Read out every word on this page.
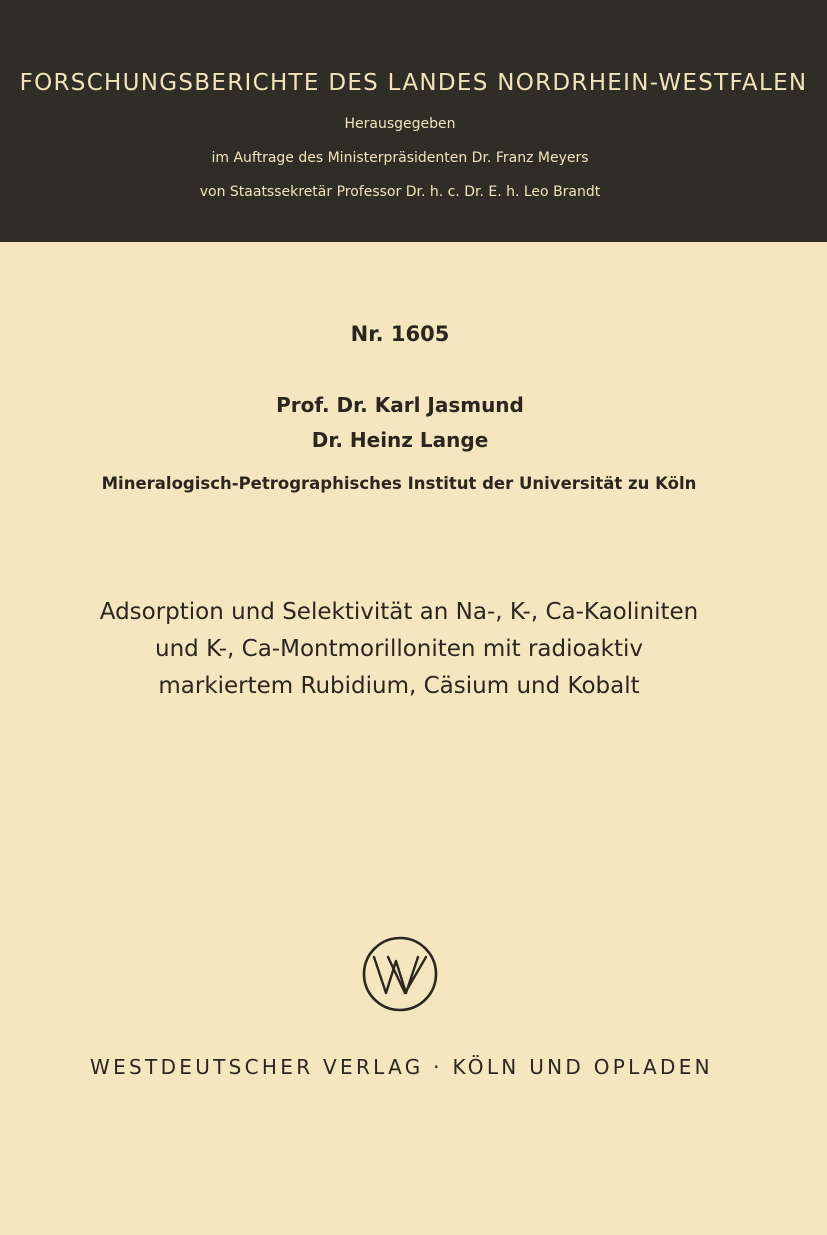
FORSCHUNGSBERICHTE DES LANDES NORDRHEIN-WESTFALEN
Herausgegeben
im Auftrage des Ministerpräsidenten Dr. Franz Meyers
von Staatssekretär Professor Dr. h. c. Dr. E. h. Leo Brandt
Nr. 1605
Prof. Dr. Karl Jasmund
Dr. Heinz Lange
Mineralogisch-Petrographisches Institut der Universität zu Köln
Adsorption und Selektivität an Na-, K-, Ca-Kaoliniten
und K-, Ca-Montmorilloniten mit radioaktiv
markiertem Rubidium, Cäsium und Kobalt
WESTDEUTSCHER VERLAG · KÖLN UND OPLADEN
